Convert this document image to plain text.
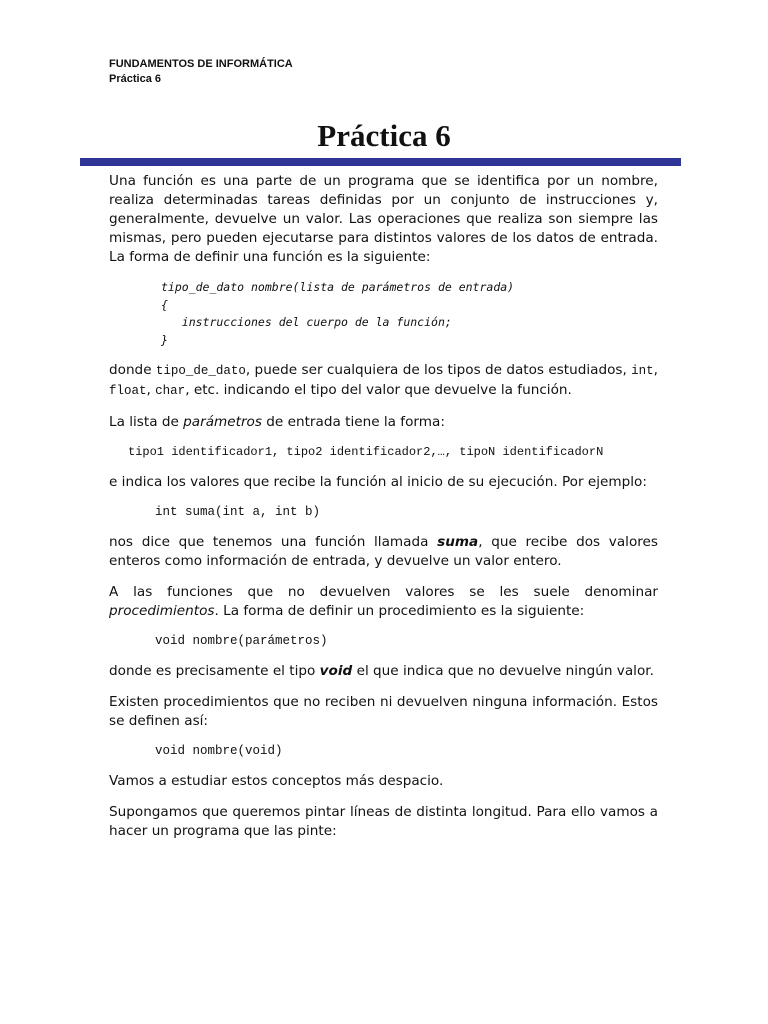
FUNDAMENTOS DE INFORMÁTICA
Práctica 6
Práctica 6

Una función es una parte de un programa que se identifica por un nombre, realiza determinadas tareas definidas por un conjunto de instrucciones y, generalmente, devuelve un valor. Las operaciones que realiza son siempre las mismas, pero pueden ejecutarse para distintos valores de los datos de entrada. La forma de definir una función es la siguiente:

tipo_de_dato nombre(lista de parámetros de entrada)
{
instrucciones del cuerpo de la función;
}

donde tipo_de_dato, puede ser cualquiera de los tipos de datos estudiados, int, float, char, etc. indicando el tipo del valor que devuelve la función.

La lista de parámetros de entrada tiene la forma:

tipo1 identificador1, tipo2 identificador2,…, tipoN identificadorN

e indica los valores que recibe la función al inicio de su ejecución. Por ejemplo:

int suma(int a, int b)

nos dice que tenemos una función llamada suma, que recibe dos valores enteros como información de entrada, y devuelve un valor entero.

A las funciones que no devuelven valores se les suele denominar procedimientos. La forma de definir un procedimiento es la siguiente:

void nombre(parámetros)

donde es precisamente el tipo void el que indica que no devuelve ningún valor.

Existen procedimientos que no reciben ni devuelven ninguna información. Estos se definen así:

void nombre(void)

Vamos a estudiar estos conceptos más despacio.

Supongamos que queremos pintar líneas de distinta longitud. Para ello vamos a hacer un programa que las pinte:
